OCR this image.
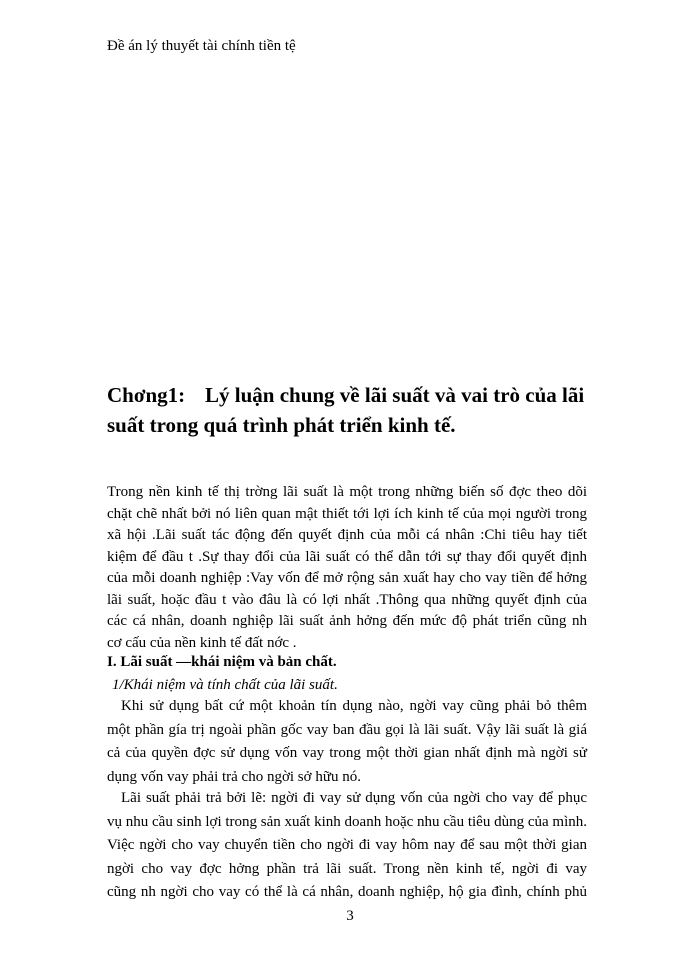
Đề án lý thuyết tài chính tiền tệ
Chơng1: Lý luận chung về lãi suất và vai trò của lãi
suất trong quá trình phát triển kinh tế.
Trong nền kinh tế thị trờng lãi suất là một trong những biến số đợc theo dõi
chặt chẽ nhất bởi nó liên quan mật thiết tới lợi ích kinh tế của mọi người trong
xã hội .Lãi suất tác động đến quyết định của mỗi cá nhân :Chi tiêu hay tiết
kiệm để đầu t .Sự thay đổi của lãi suất có thể dẫn tới sự thay đổi quyết định
của mỗi doanh nghiệp :Vay vốn để mở rộng sản xuất hay cho vay tiền để hởng
lãi suất, hoặc đầu t vào đâu là có lợi nhất .Thông qua những quyết định của
các cá nhân, doanh nghiệp lãi suất ảnh hởng đến mức độ phát triển cũng nh
cơ cấu của nền kinh tế đất nớc .
I. Lãi suất —khái niệm và bản chất.
1/Khái niệm và tính chất của lãi suất.
Khi sử dụng bất cứ một khoản tín dụng nào, ngời vay cũng phải bỏ thêm
một phần gía trị ngoài phần gốc vay ban đầu gọi là lãi suất. Vậy lãi suất là giá
cả của quyền đợc sử dụng vốn vay trong một thời gian nhất định mà ngời sử
dụng vốn vay phải trả cho ngời sở hữu nó.
Lãi suất phải trả bởi lẽ: ngời đi vay sử dụng vốn của ngời cho vay để phục
vụ nhu cầu sinh lợi trong sản xuất kinh doanh hoặc nhu cầu tiêu dùng của mình.
Việc ngời cho vay chuyển tiền cho ngời đi vay hôm nay để sau một thời gian
ngời cho vay đợc hởng phần trả lãi suất. Trong nền kinh tế, ngời đi vay
cũng nh ngời cho vay có thể là cá nhân, doanh nghiệp, hộ gia đình, chính phủ
3
